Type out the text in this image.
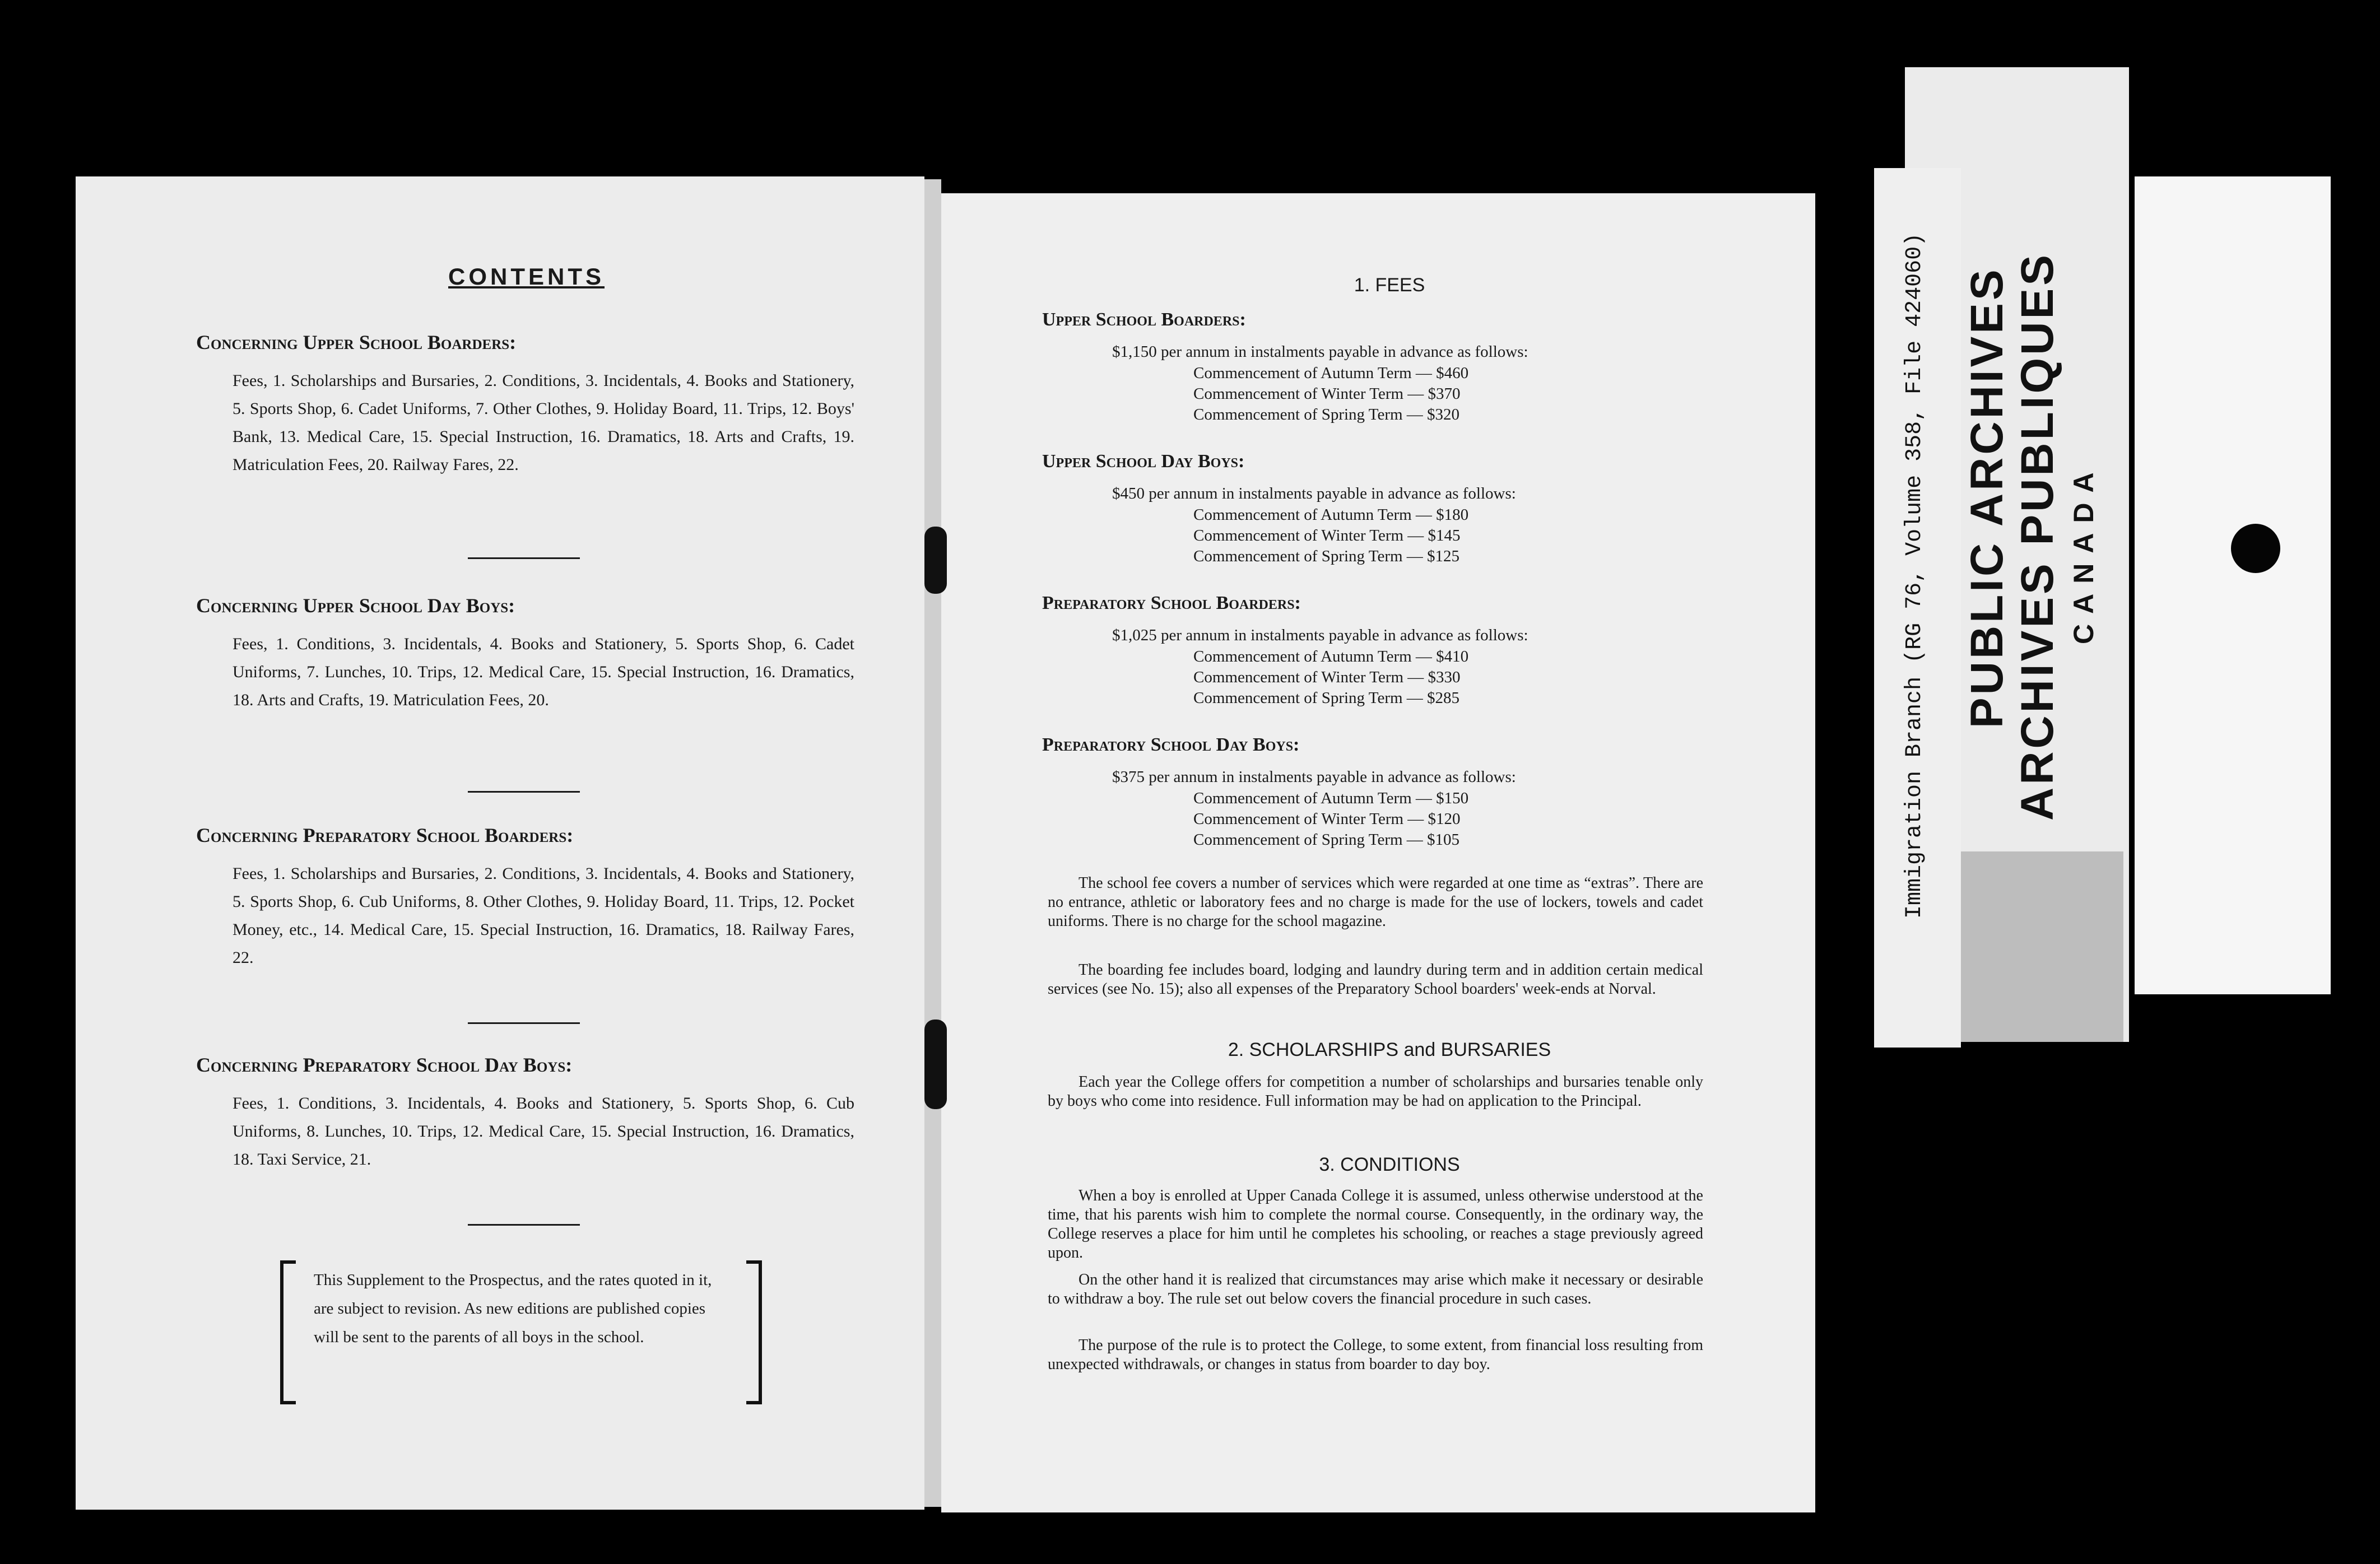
CONTENTS
Concerning Upper School Boarders:
Fees, 1. Scholarships and Bursaries, 2. Conditions, 3. Incidentals, 4. Books and Stationery, 5. Sports Shop, 6. Cadet Uniforms, 7. Other Clothes, 9. Holiday Board, 11. Trips, 12. Boys' Bank, 13. Medical Care, 15. Special Instruction, 16. Dramatics, 18. Arts and Crafts, 19. Matriculation Fees, 20. Railway Fares, 22.
Concerning Upper School Day Boys:
Fees, 1. Conditions, 3. Incidentals, 4. Books and Stationery, 5. Sports Shop, 6. Cadet Uniforms, 7. Lunches, 10. Trips, 12. Medical Care, 15. Special Instruction, 16. Dramatics, 18. Arts and Crafts, 19. Matriculation Fees, 20.
Concerning Preparatory School Boarders:
Fees, 1. Scholarships and Bursaries, 2. Conditions, 3. Incidentals, 4. Books and Stationery, 5. Sports Shop, 6. Cub Uniforms, 8. Other Clothes, 9. Holiday Board, 11. Trips, 12. Pocket Money, etc., 14. Medical Care, 15. Special Instruction, 16. Dramatics, 18. Railway Fares, 22.
Concerning Preparatory School Day Boys:
Fees, 1. Conditions, 3. Incidentals, 4. Books and Stationery, 5. Sports Shop, 6. Cub Uniforms, 8. Lunches, 10. Trips, 12. Medical Care, 15. Special Instruction, 16. Dramatics, 18. Taxi Service, 21.
This Supplement to the Prospectus, and the rates quoted in it, are subject to revision. As new editions are published copies will be sent to the parents of all boys in the school.
1. FEES
Upper School Boarders:
$1,150 per annum in instalments payable in advance as follows:
Commencement of Autumn Term — $460
Commencement of Winter Term — $370
Commencement of Spring Term — $320
Upper School Day Boys:
$450 per annum in instalments payable in advance as follows:
Commencement of Autumn Term — $180
Commencement of Winter Term — $145
Commencement of Spring Term — $125
Preparatory School Boarders:
$1,025 per annum in instalments payable in advance as follows:
Commencement of Autumn Term — $410
Commencement of Winter Term — $330
Commencement of Spring Term — $285
Preparatory School Day Boys:
$375 per annum in instalments payable in advance as follows:
Commencement of Autumn Term — $150
Commencement of Winter Term — $120
Commencement of Spring Term — $105
The school fee covers a number of services which were regarded at one time as “extras”. There are no entrance, athletic or laboratory fees and no charge is made for the use of lockers, towels and cadet uniforms. There is no charge for the school magazine.
The boarding fee includes board, lodging and laundry during term and in addition certain medical services (see No. 15); also all expenses of the Preparatory School boarders' week-ends at Norval.
2. SCHOLARSHIPS and BURSARIES
Each year the College offers for competition a number of scholarships and bursaries tenable only by boys who come into residence. Full information may be had on application to the Principal.
3. CONDITIONS
When a boy is enrolled at Upper Canada College it is assumed, unless otherwise understood at the time, that his parents wish him to complete the normal course. Consequently, in the ordinary way, the College reserves a place for him until he completes his schooling, or reaches a stage previously agreed upon.
On the other hand it is realized that circumstances may arise which make it necessary or desirable to withdraw a boy. The rule set out below covers the financial procedure in such cases.
The purpose of the rule is to protect the College, to some extent, from financial loss resulting from unexpected withdrawals, or changes in status from boarder to day boy.
Immigration Branch (RG 76, Volume 358, File 424060) PUBLIC ARCHIVES ARCHIVES PUBLIQUES CANADA
